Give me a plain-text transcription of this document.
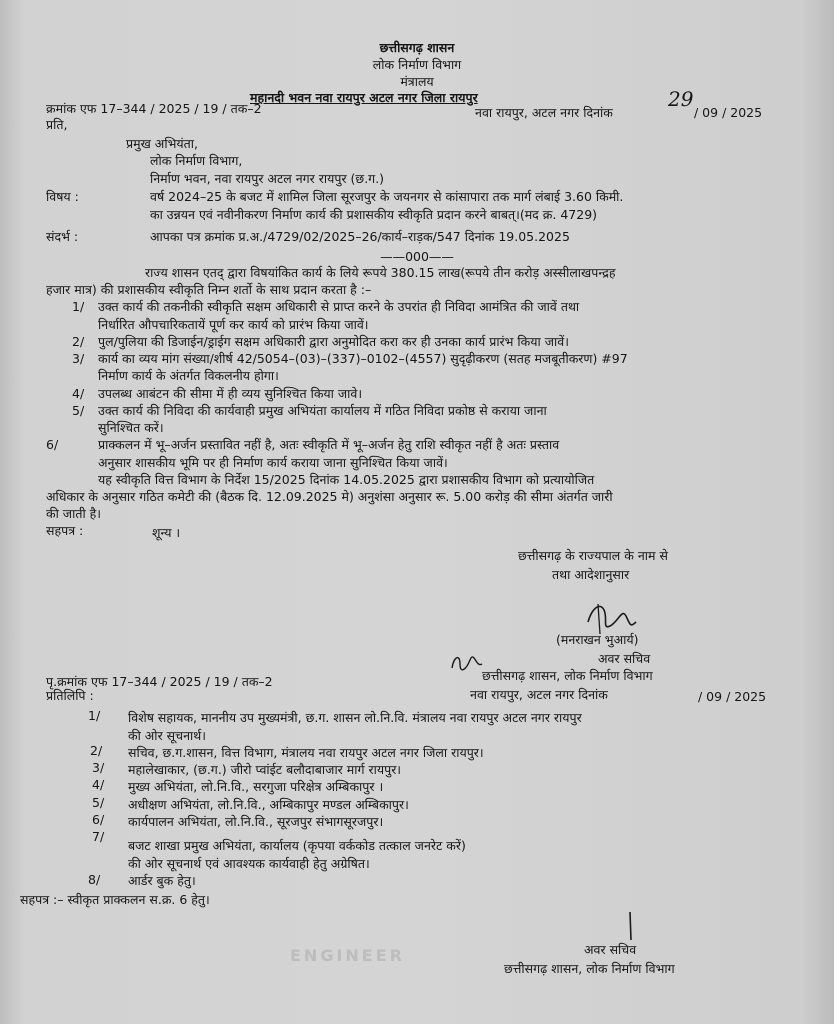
ENGINEER
छत्तीसगढ़ शासन
लोक निर्माण विभाग
मंत्रालय
महानदी भवन नवा रायपुर अटल नगर जिला रायपुर
क्रमांक एफ 17–344 / 2025 / 19 / तक–2	नवा रायपुर, अटल नगर दिनांक
29
/ 09 / 2025
प्रति,
प्रमुख अभियंता,
लोक निर्माण विभाग,
निर्माण भवन, नवा रायपुर अटल नगर रायपुर (छ.ग.)
विषय :	वर्ष 2024–25 के बजट में शामिल जिला सूरजपुर के जयनगर से कांसापारा तक मार्ग लंबाई 3.60 किमी.
का उन्नयन एवं नवीनीकरण निर्माण कार्य की प्रशासकीय स्वीकृति प्रदान करने बाबत्।(मद क्र. 4729)
संदर्भ :	आपका पत्र क्रमांक प्र.अ./4729/02/2025–26/कार्य–राड़क/547 दिनांक 19.05.2025
——000——
राज्य शासन एतद् द्वारा विषयांकित कार्य के लिये रूपये 380.15 लाख(रूपये तीन करोड़ अस्सीलाखपन्द्रह
हजार मात्र) की प्रशासकीय स्वीकृति निम्न शर्तो के साथ प्रदान करता है :–
1/ उक्त कार्य की तकनीकी स्वीकृति सक्षम अधिकारी से प्राप्त करने के उपरांत ही निविदा आमंत्रित की जावें तथा
निर्धारित औपचारिकतायें पूर्ण कर कार्य को प्रारंभ किया जावें।
2/ पुल/पुलिया की डिजाईन/ड्राईग सक्षम अधिकारी द्वारा अनुमोदित करा कर ही उनका कार्य प्रारंभ किया जावें।
3/ कार्य का व्यय मांग संख्या/शीर्ष 42/5054–(03)–(337)–0102–(4557) सुदृढ़ीकरण (सतह मजबूतीकरण) #97
निर्माण कार्य के अंतर्गत विकलनीय होगा।
4/ उपलब्ध आबंटन की सीमा में ही व्यय सुनिश्चित किया जावे।
5/ उक्त कार्य की निविदा की कार्यवाही प्रमुख अभियंता कार्यालय में गठित निविदा प्रकोष्ठ से कराया जाना
सुनिश्चित करें।
6/	प्राक्कलन में भू–अर्जन प्रस्तावित नहीं है, अतः स्वीकृति में भू–अर्जन हेतु राशि स्वीकृत नहीं है अतः प्रस्ताव
अनुसार शासकीय भूमि पर ही निर्माण कार्य कराया जाना सुनिश्चित किया जावें।
यह स्वीकृति वित्त विभाग के निर्देश 15/2025 दिनांक 14.05.2025 द्वारा प्रशासकीय विभाग को प्रत्यायोजित
अधिकार के अनुसार गठित कमेटी की (बैठक दि. 12.09.2025 मे) अनुशंसा अनुसार रू. 5.00 करोड़ की सीमा अंतर्गत जारी
की जाती है।
सहपत्र :	शून्य ।
छत्तीसगढ़ के राज्यपाल के नाम से
तथा आदेशानुसार
(मनराखन भुआर्य)
अवर सचिव
छत्तीसगढ़ शासन, लोक निर्माण विभाग
नवा रायपुर, अटल नगर दिनांक	/ 09 / 2025
पृ.क्रमांक एफ 17–344 / 2025 / 19 / तक–2
प्रतिलिपि :
1/ विशेष सहायक, माननीय उप मुख्यमंत्री, छ.ग. शासन लो.नि.वि. मंत्रालय नवा रायपुर अटल नगर रायपुर
की ओर सूचनार्थ।
2/ सचिव, छ.ग.शासन, वित्त विभाग, मंत्रालय नवा रायपुर अटल नगर जिला रायपुर।
3/ महालेखाकार, (छ.ग.) जीरो प्वांईट बलौदाबाजार मार्ग रायपुर।
4/ मुख्य अभियंता, लो.नि.वि., सरगुजा परिक्षेत्र अम्बिकापुर ।
5/ अधीक्षण अभियंता, लो.नि.वि., अम्बिकापुर मण्डल अम्बिकापुर।
6/ कार्यपालन अभियंता, लो.नि.वि., सूरजपुर संभागसूरजपुर।
7/
बजट शाखा प्रमुख अभियंता, कार्यालय (कृपया वर्ककोड तत्काल जनरेट करें)
की ओर सूचनार्थ एवं आवश्यक कार्यवाही हेतु अग्रेषित।
8/ आर्डर बुक हेतु।
सहपत्र :– स्वीकृत प्राक्कलन स.क्र. 6 हेतु।
अवर सचिव
छत्तीसगढ़ शासन, लोक निर्माण विभाग
